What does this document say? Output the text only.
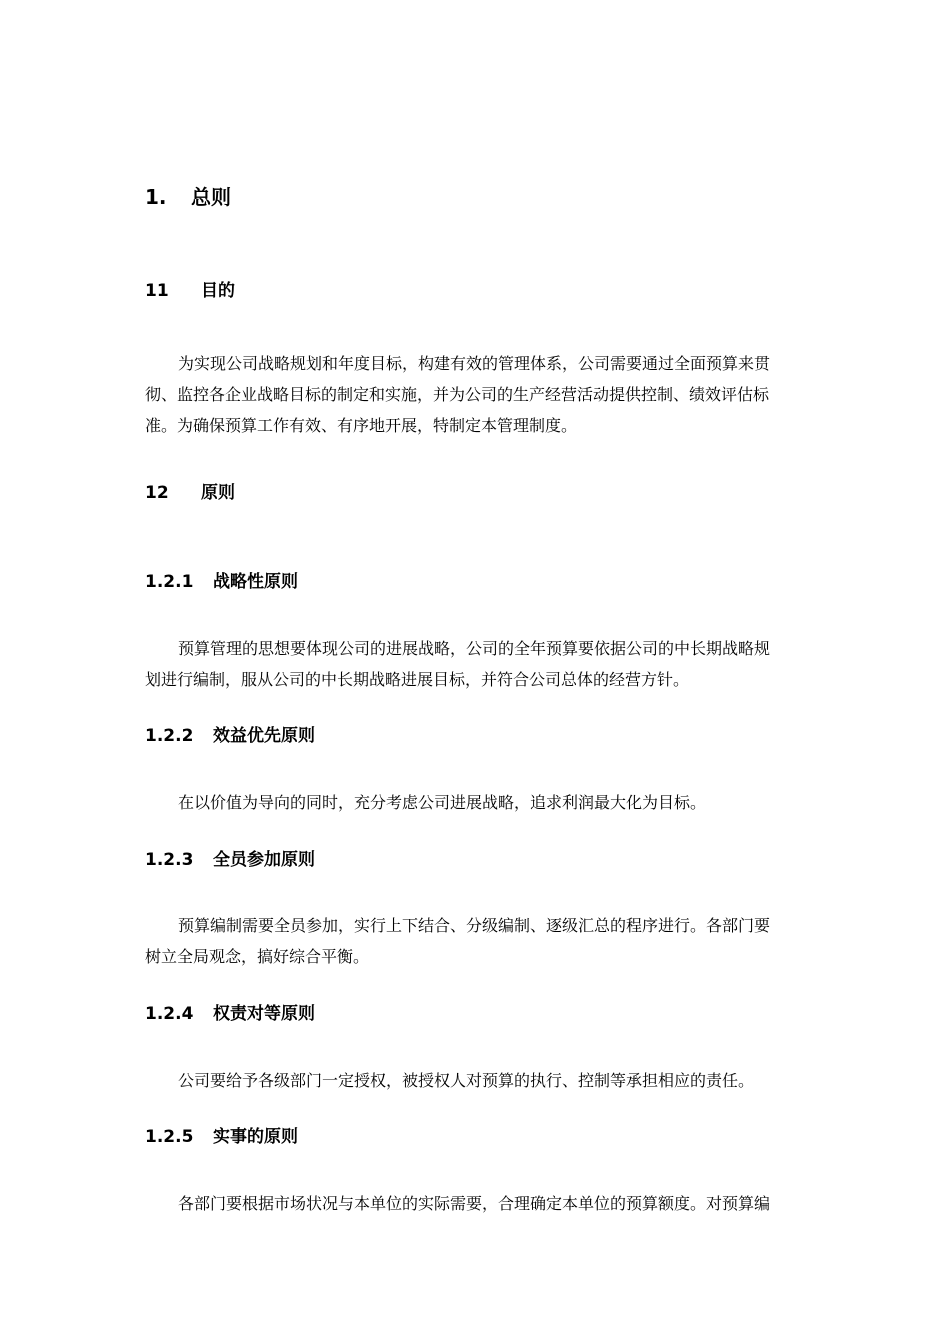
1. 总则
11 目的
为实现公司战略规划和年度目标，构建有效的管理体系，公司需要通过全面预算来贯
彻、监控各企业战略目标的制定和实施，并为公司的生产经营活动提供控制、绩效评估标
准。为确保预算工作有效、有序地开展，特制定本管理制度。
12 原则
1.2.1 战略性原则
预算管理的思想要体现公司的进展战略，公司的全年预算要依据公司的中长期战略规
划进行编制，服从公司的中长期战略进展目标，并符合公司总体的经营方针。
1.2.2 效益优先原则
在以价值为导向的同时，充分考虑公司进展战略，追求利润最大化为目标。
1.2.3 全员参加原则
预算编制需要全员参加，实行上下结合、分级编制、逐级汇总的程序进行。各部门要
树立全局观念，搞好综合平衡。
1.2.4 权责对等原则
公司要给予各级部门一定授权，被授权人对预算的执行、控制等承担相应的责任。
1.2.5 实事的原则
各部门要根据市场状况与本单位的实际需要，合理确定本单位的预算额度。对预算编
